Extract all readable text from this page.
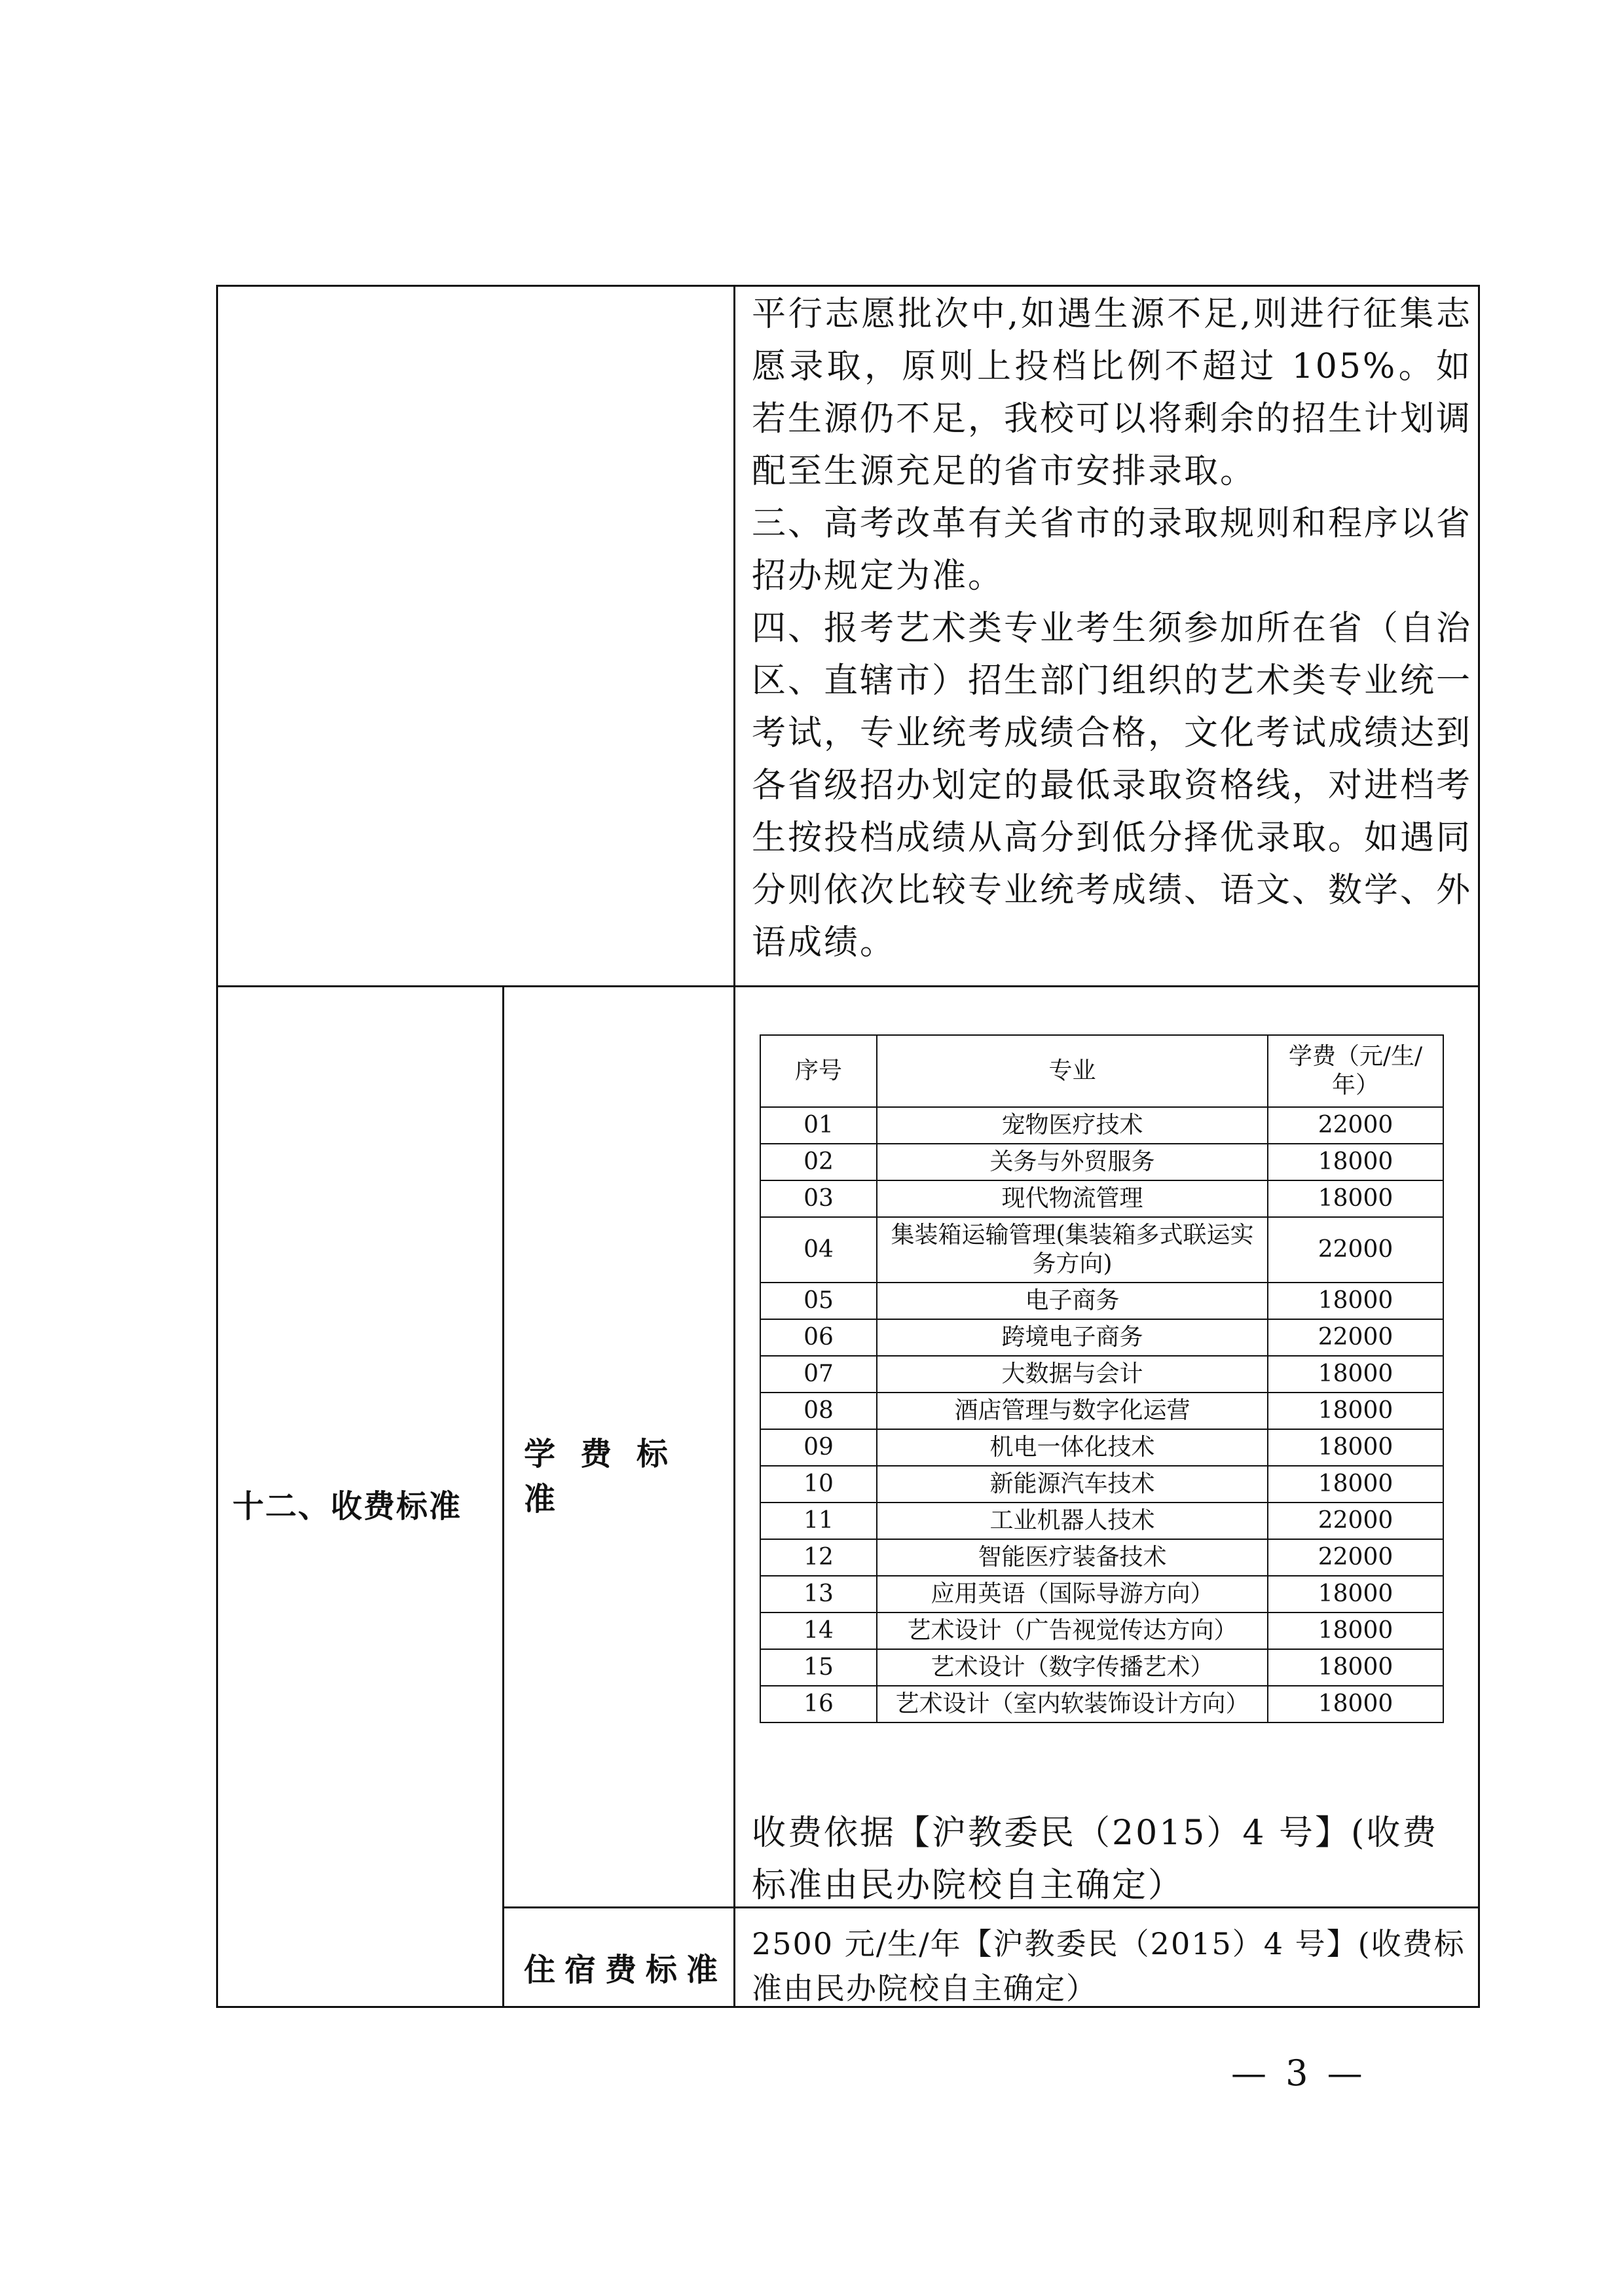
平行志愿批次中,如遇生源不足,则进行征集志愿录取，原则上投档比例不超过 105%。如若生源仍不足，我校可以将剩余的招生计划调配至生源充足的省市安排录取。

三、高考改革有关省市的录取规则和程序以省招办规定为准。

四、报考艺术类专业考生须参加所在省（自治区、直辖市）招生部门组织的艺术类专业统一考试，专业统考成绩合格，文化考试成绩达到各省级招办划定的最低录取资格线，对进档考生按投档成绩从高分到低分择优录取。如遇同分则依次比较专业统考成绩、语文、数学、外语成绩。

十二、收费标准
学费标准
住宿费标准
序号	专业	学费（元/生/年）
01	宠物医疗技术	22000
02	关务与外贸服务	18000
03	现代物流管理	18000
04	集装箱运输管理(集装箱多式联运实务方向)	22000
05	电子商务	18000
06	跨境电子商务	22000
07	大数据与会计	18000
08	酒店管理与数字化运营	18000
09	机电一体化技术	18000
10	新能源汽车技术	18000
11	工业机器人技术	22000
12	智能医疗装备技术	22000
13	应用英语（国际导游方向）	18000
14	艺术设计（广告视觉传达方向）	18000
15	艺术设计（数字传播艺术）	18000
16	艺术设计（室内软装饰设计方向）	18000
收费依据【沪教委民（2015）4 号】(收费标准由民办院校自主确定）
2500 元/生/年【沪教委民（2015）4 号】(收费标准由民办院校自主确定）
— 3 —
